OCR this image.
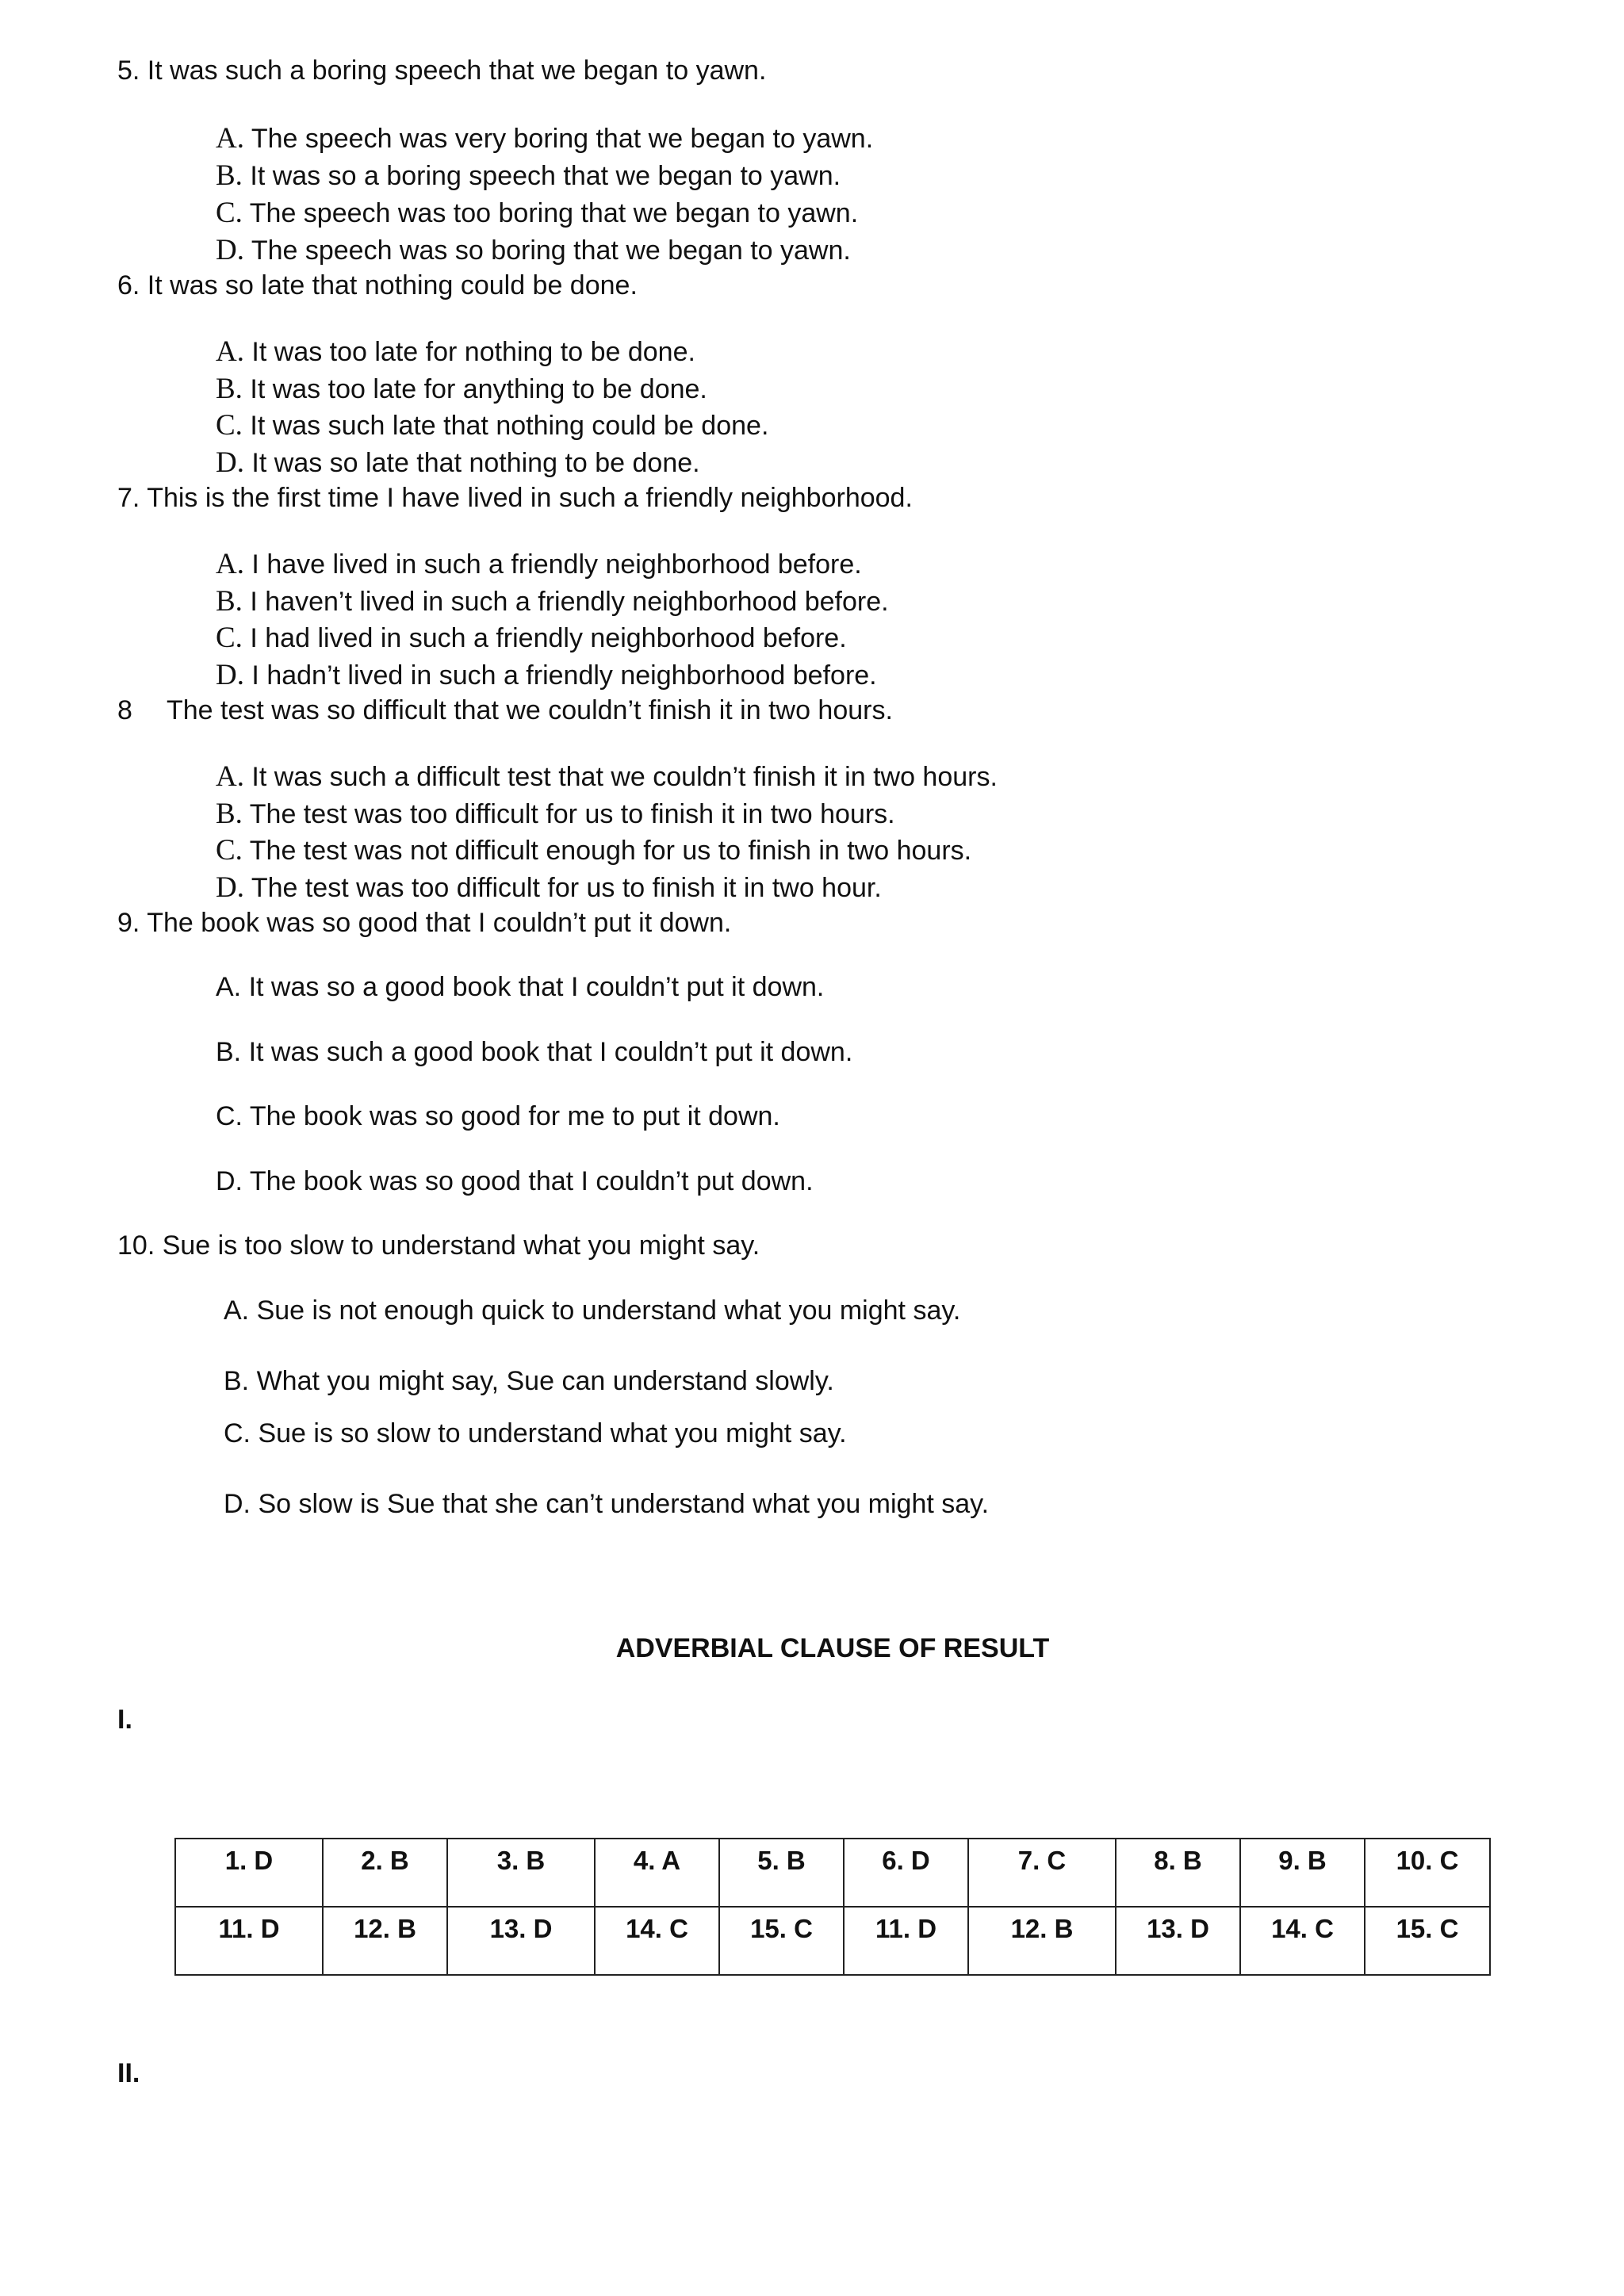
5. It was such a boring speech that we began to yawn.
A. The speech was very boring that we began to yawn.
B. It was so a boring speech that we began to yawn.
C. The speech was too boring that we began to yawn.
D. The speech was so boring that we began to yawn.
6. It was so late that nothing could be done.
A. It was too late for nothing to be done.
B. It was too late for anything to be done.
C. It was such late that nothing could be done.
D. It was so late that nothing to be done.
7. This is the first time I have lived in such a friendly neighborhood.
A. I have lived in such a friendly neighborhood before.
B. I haven’t lived in such a friendly neighborhood before.
C. I had lived in such a friendly neighborhood before.
D. I hadn’t lived in such a friendly neighborhood before.
8 The test was so difficult that we couldn’t finish it in two hours.
A. It was such a difficult test that we couldn’t finish it in two hours.
B. The test was too difficult for us to finish it in two hours.
C. The test was not difficult enough for us to finish in two hours.
D. The test was too difficult for us to finish it in two hour.
9. The book was so good that I couldn’t put it down.
A. It was so a good book that I couldn’t put it down.
B. It was such a good book that I couldn’t put it down.
C. The book was so good for me to put it down.
D. The book was so good that I couldn’t put down.
10. Sue is too slow to understand what you might say.
A. Sue is not enough quick to understand what you might say.
B. What you might say, Sue can understand slowly.
C. Sue is so slow to understand what you might say.
D. So slow is Sue that she can’t understand what you might say.
ADVERBIAL CLAUSE OF RESULT
I.
1. D	2. B	3. B	4. A	5. B	6. D	7. C	8. B	9. B	10. C
11. D	12. B	13. D	14. C	15. C	11. D	12. B	13. D	14. C	15. C
II.
